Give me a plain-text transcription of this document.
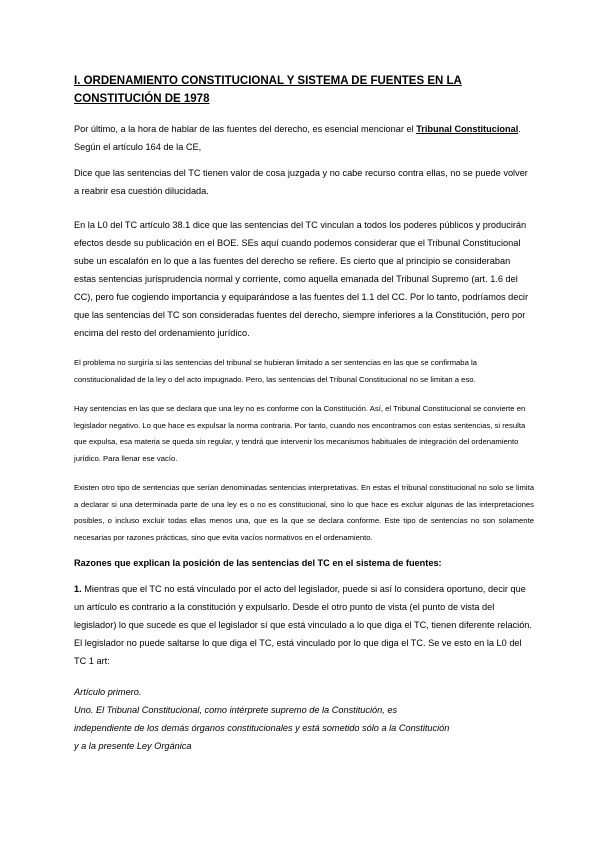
I. ORDENAMIENTO CONSTITUCIONAL Y SISTEMA DE FUENTES EN LA
CONSTITUCIÓN DE 1978

Por último, a la hora de hablar de las fuentes del derecho, es esencial mencionar el Tribunal Constitucional. Según el artículo 164 de la CE,

Dice que las sentencias del TC tienen valor de cosa juzgada y no cabe recurso contra ellas, no se puede volver a reabrir esa cuestión dilucidada.

En la L0 del TC artículo 38.1 dice que las sentencias del TC vinculan a todos los poderes públicos y producirán efectos desde su publicación en el BOE. SEs aquí cuando podemos considerar que el Tribunal Constitucional sube un escalafón en lo que a las fuentes del derecho se refiere. Es cierto que al principio se consideraban estas sentencias jurisprudencia normal y corriente, como aquella emanada del Tribunal Supremo (art. 1.6 del CC), pero fue cogiendo importancia y equiparándose a las fuentes del 1.1 del CC. Por lo tanto, podríamos decir que las sentencias del TC son consideradas fuentes del derecho, siempre inferiores a la Constitución, pero por encima del resto del ordenamiento jurídico.

El problema no surgiría si las sentencias del tribunal se hubieran limitado a ser sentencias en las que se confirmaba la constitucionalidad de la ley o del acto impugnado. Pero, las sentencias del Tribunal Constitucional no se limitan a eso.

Hay sentencias en las que se declara que una ley no es conforme con la Constitución. Así, el Tribunal Constitucional se convierte en legislador negativo. Lo que hace es expulsar la norma contraria. Por tanto, cuando nos encontramos con estas sentencias, si resulta que expulsa, esa materia se queda sin regular, y tendrá que intervenir los mecanismos habituales de integración del ordenamiento jurídico. Para llenar ese vacío.

Existen otro tipo de sentencias que serían denominadas sentencias interpretativas. En estas el tribunal constitucional no solo se limita a declarar si una determinada parte de una ley es o no es constitucional, sino lo que hace es excluir algunas de las interpretaciones posibles, o incluso excluir todas ellas menos una, que es la que se declara conforme. Este tipo de sentencias no son solamente necesarias por razones prácticas, sino que evita vacíos normativos en el ordenamiento.

Razones que explican la posición de las sentencias del TC en el sistema de fuentes:

1. Mientras que el TC no está vinculado por el acto del legislador, puede si así lo considera oportuno, decir que un artículo es contrario a la constitución y expulsarlo. Desde el otro punto de vista (el punto de vista del legislador) lo que sucede es que el legislador sí que está vinculado a lo que diga el TC, tienen diferente relación. El legislador no puede saltarse lo que diga el TC, está vinculado por lo que diga el TC. Se ve esto en la L0 del TC 1 art:

Artículo primero.

Uno. El Tribunal Constitucional, como intérprete supremo de la Constitución, es

independiente de los demás órganos constitucionales y está sometido sólo a la Constitución

y a la presente Ley Orgánica
